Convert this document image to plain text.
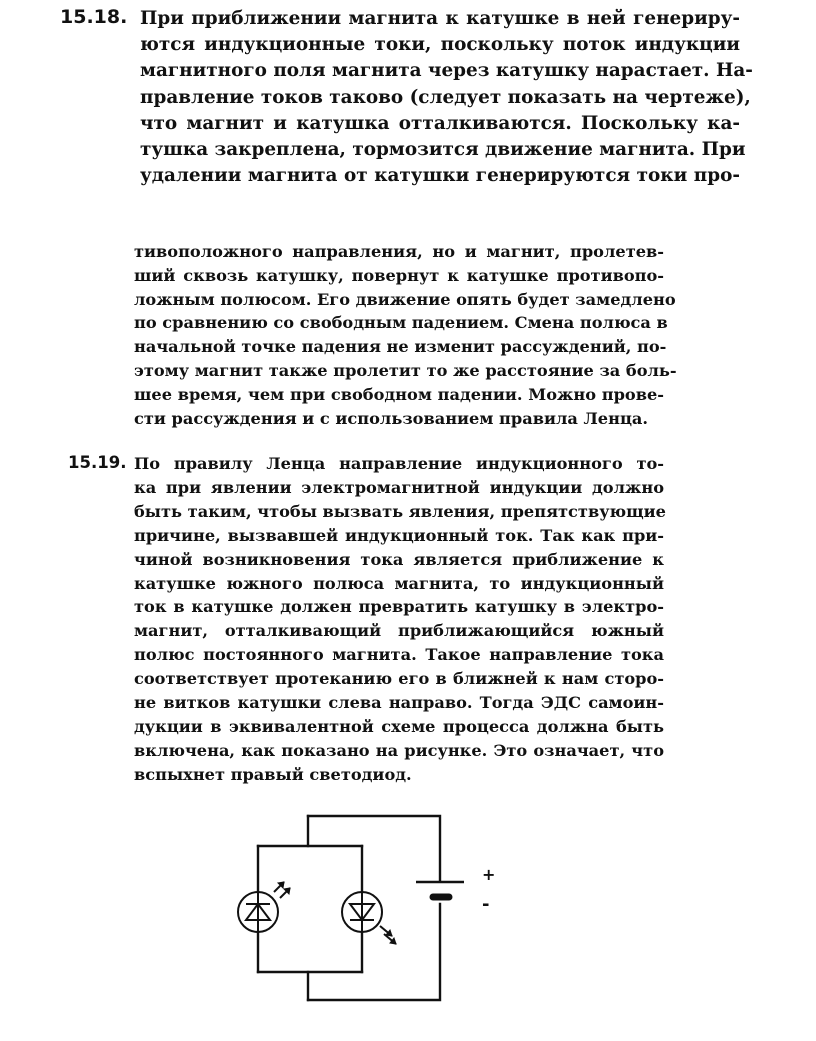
15.18. При приближении магнита к катушке в ней генериру-
ются индукционные токи, поскольку поток индукции
магнитного поля магнита через катушку нарастает. На-
правление токов таково (следует показать на чертеже),
что магнит и катушка отталкиваются. Поскольку ка-
тушка закреплена, тормозится движение магнита. При
удалении магнита от катушки генерируются токи про-
тивоположного направления, но и магнит, пролетев-
ший сквозь катушку, повернут к катушке противопо-
ложным полюсом. Его движение опять будет замедлено
по сравнению со свободным падением. Смена полюса в
начальной точке падения не изменит рассуждений, по-
этому магнит также пролетит то же расстояние за боль-
шее время, чем при свободном падении. Можно прове-
сти рассуждения и с использованием правила Ленца.
15.19. По правилу Ленца направление индукционного то-
ка при явлении электромагнитной индукции должно
быть таким, чтобы вызвать явления, препятствующие
причине, вызвавшей индукционный ток. Так как при-
чиной возникновения тока является приближение к
катушке южного полюса магнита, то индукционный
ток в катушке должен превратить катушку в электро-
магнит, отталкивающий приближающийся южный
полюс постоянного магнита. Такое направление тока
соответствует протеканию его в ближней к нам сторо-
не витков катушки слева направо. Тогда ЭДС самоин-
дукции в эквивалентной схеме процесса должна быть
включена, как показано на рисунке. Это означает, что
вспыхнет правый светодиод.
+
-
